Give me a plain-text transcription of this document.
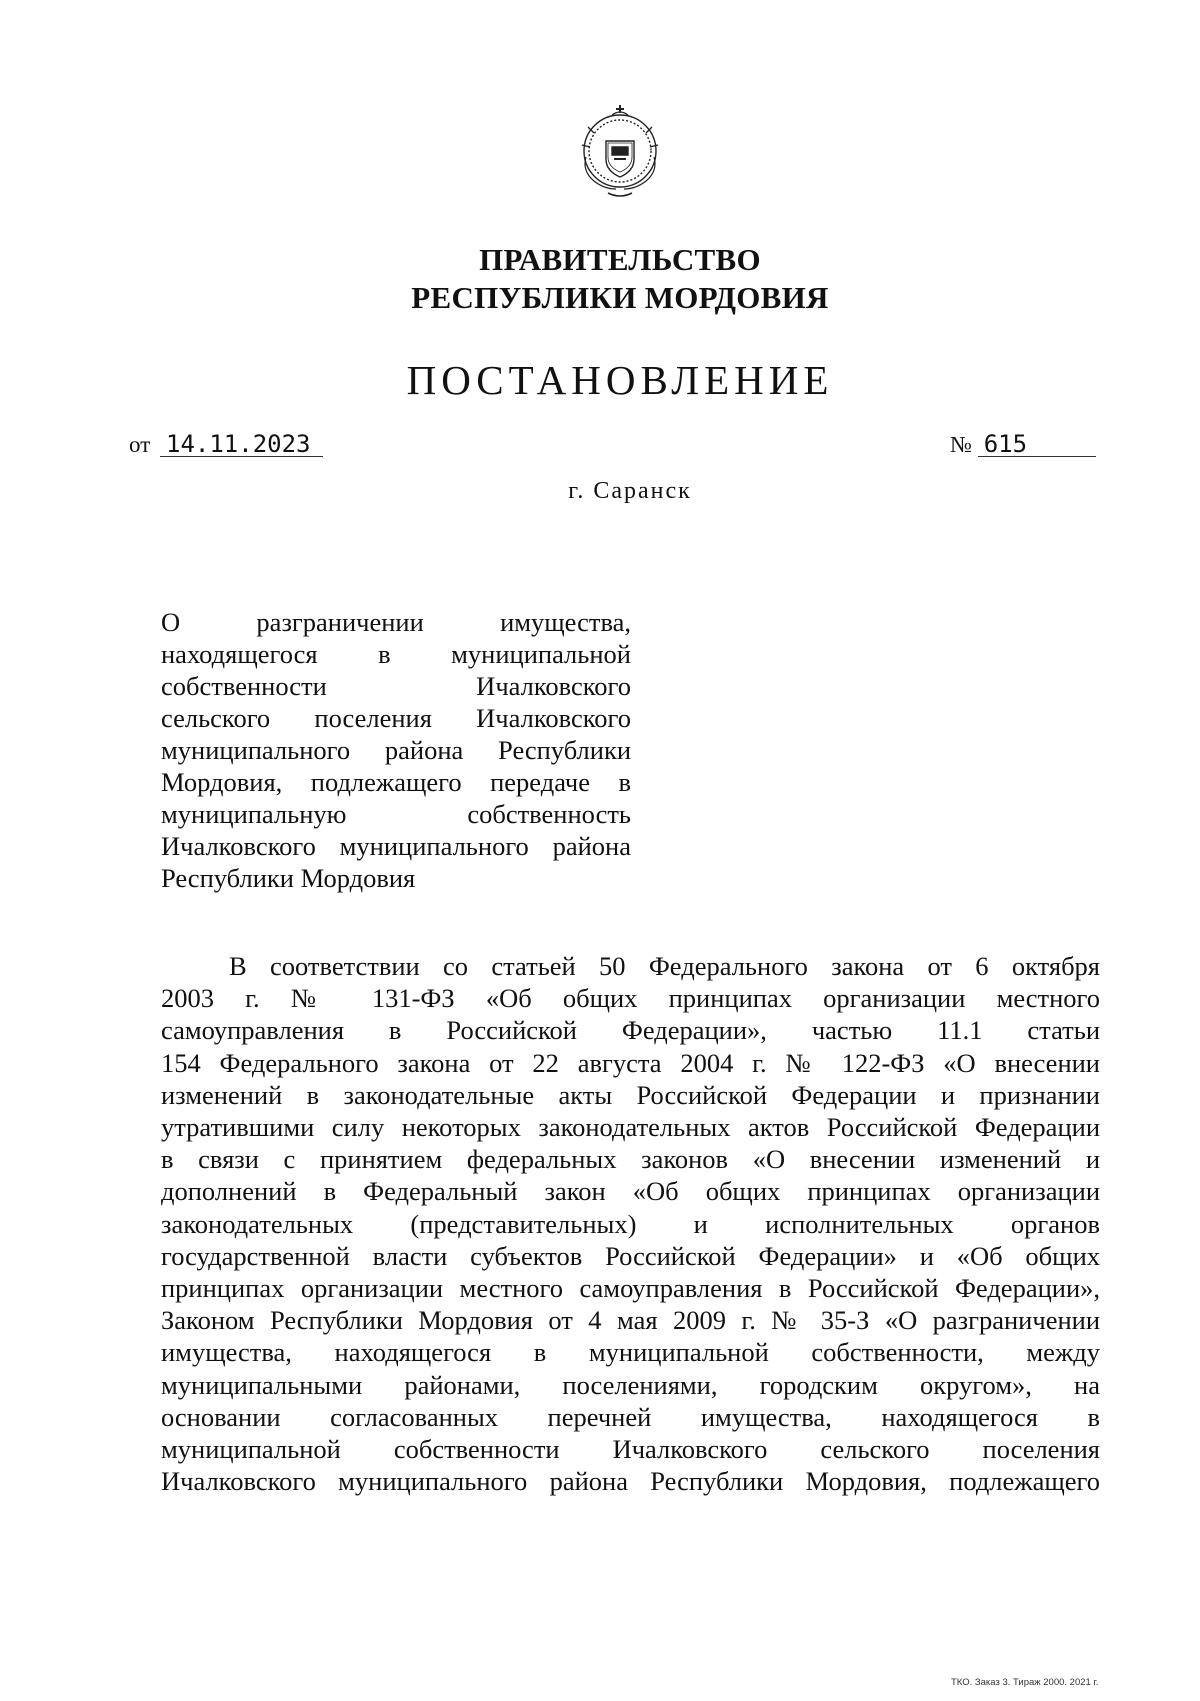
ПРАВИТЕЛЬСТВО
РЕСПУБЛИКИ МОРДОВИЯ
ПОСТАНОВЛЕНИЕ
от 14.11.2023	№ 615
г. Саранск
О разграничении имущества,
находящегося в муниципальной
собственности Ичалковского
сельского поселения Ичалковского
муниципального района Республики
Мордовия, подлежащего передаче в
муниципальную собственность
Ичалковского муниципального района
Республики Мордовия
В соответствии со статьей 50 Федерального закона от 6 октября
2003 г. № 131-ФЗ «Об общих принципах организации местного
самоуправления в Российской Федерации», частью 11.1 статьи
154 Федерального закона от 22 августа 2004 г. № 122-ФЗ «О внесении
изменений в законодательные акты Российской Федерации и признании
утратившими силу некоторых законодательных актов Российской Федерации
в связи с принятием федеральных законов «О внесении изменений и
дополнений в Федеральный закон «Об общих принципах организации
законодательных (представительных) и исполнительных органов
государственной власти субъектов Российской Федерации» и «Об общих
принципах организации местного самоуправления в Российской Федерации»,
Законом Республики Мордовия от 4 мая 2009 г. № 35-З «О разграничении
имущества, находящегося в муниципальной собственности, между
муниципальными районами, поселениями, городским округом», на
основании согласованных перечней имущества, находящегося в
муниципальной собственности Ичалковского сельского поселения
Ичалковского муниципального района Республики Мордовия, подлежащего
ТКО. Заказ 3. Тираж 2000. 2021 г.
